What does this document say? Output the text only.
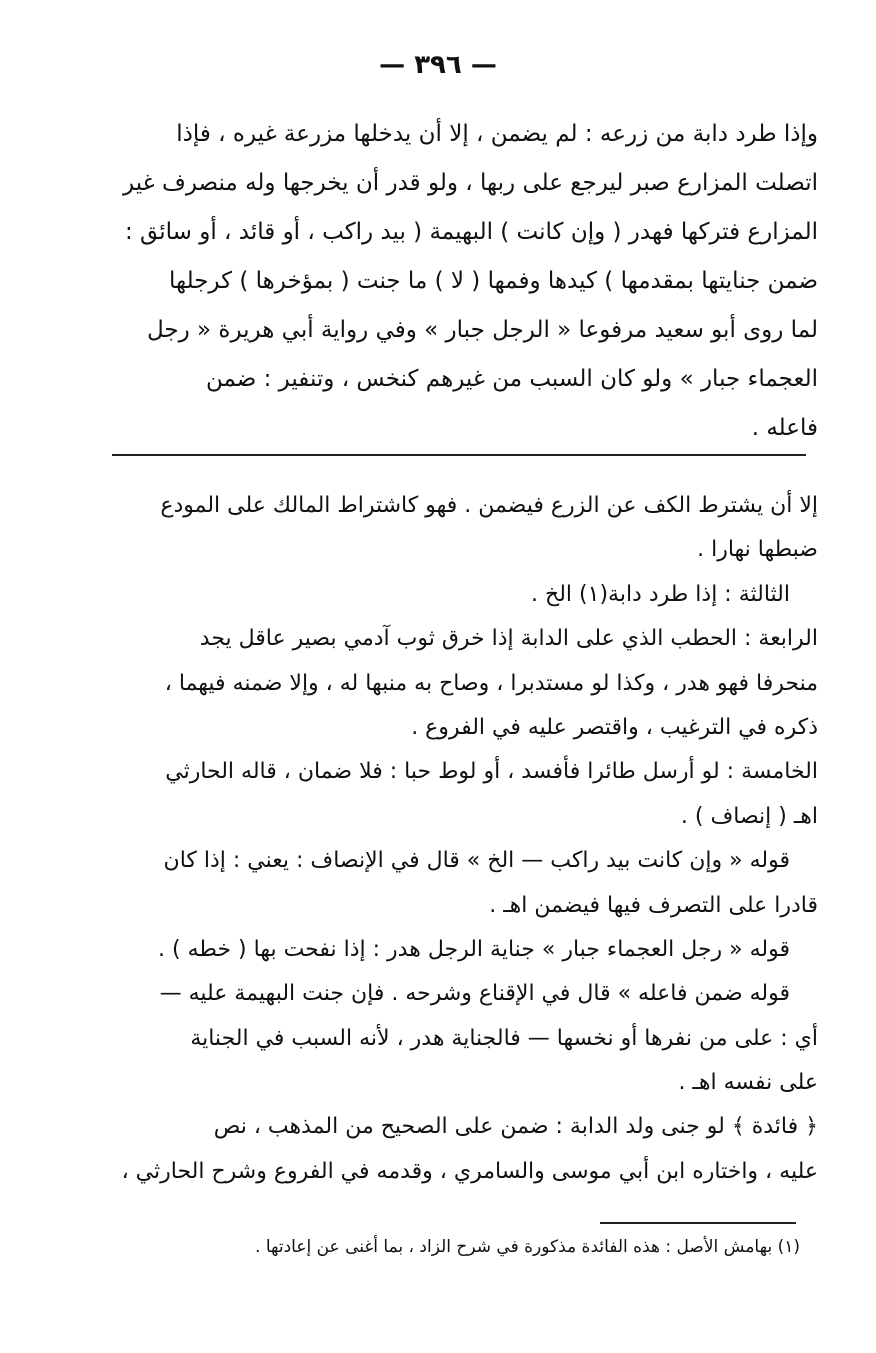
— ٣٩٦ —

وإذا طرد دابة من زرعه : لم يضمن ، إلا أن يدخلها مزرعة غيره ، فإذا

اتصلت المزارع صبر ليرجع على ربها ، ولو قدر أن يخرجها وله منصرف غير

المزارع فتركها فهدر ( وإن كانت ) البهيمة ( بيد راكب ، أو قائد ، أو سائق :

ضمن جنايتها بمقدمها ) كيدها وفمها ( لا ) ما جنت ( بمؤخرها ) كرجلها

لما روى أبو سعيد مرفوعا « الرجل جبار » وفي رواية أبي هريرة « رجل

العجماء جبار » ولو كان السبب من غيرهم كنخس ، وتنفير : ضمن

فاعله .

إلا أن يشترط الكف عن الزرع فيضمن . فهو كاشتراط المالك على المودع

ضبطها نهارا .

الثالثة : إذا طرد دابة(١) الخ .

الرابعة : الحطب الذي على الدابة إذا خرق ثوب آدمي بصير عاقل يجد

منحرفا فهو هدر ، وكذا لو مستدبرا ، وصاح به منبها له ، وإلا ضمنه فيهما ،

ذكره في الترغيب ، واقتصر عليه في الفروع .

الخامسة : لو أرسل طائرا فأفسد ، أو لوط حبا : فلا ضمان ، قاله الحارثي

اهـ ( إنصاف ) .

قوله « وإن كانت بيد راكب — الخ » قال في الإنصاف : يعني : إذا كان

قادرا على التصرف فيها فيضمن اهـ .

قوله « رجل العجماء جبار » جناية الرجل هدر : إذا نفحت بها ( خطه ) .

قوله ضمن فاعله » قال في الإقناع وشرحه . فإن جنت البهيمة عليه —

أي : على من نفرها أو نخسها — فالجناية هدر ، لأنه السبب في الجناية

على نفسه اهـ .

﴿ فائدة ﴾ لو جنى ولد الدابة : ضمن على الصحيح من المذهب ، نص

عليه ، واختاره ابن أبي موسى والسامري ، وقدمه في الفروع وشرح الحارثي ،

(١) بهامش الأصل : هذه الفائدة مذكورة في شرح الزاد ، بما أغنى عن إعادتها .
